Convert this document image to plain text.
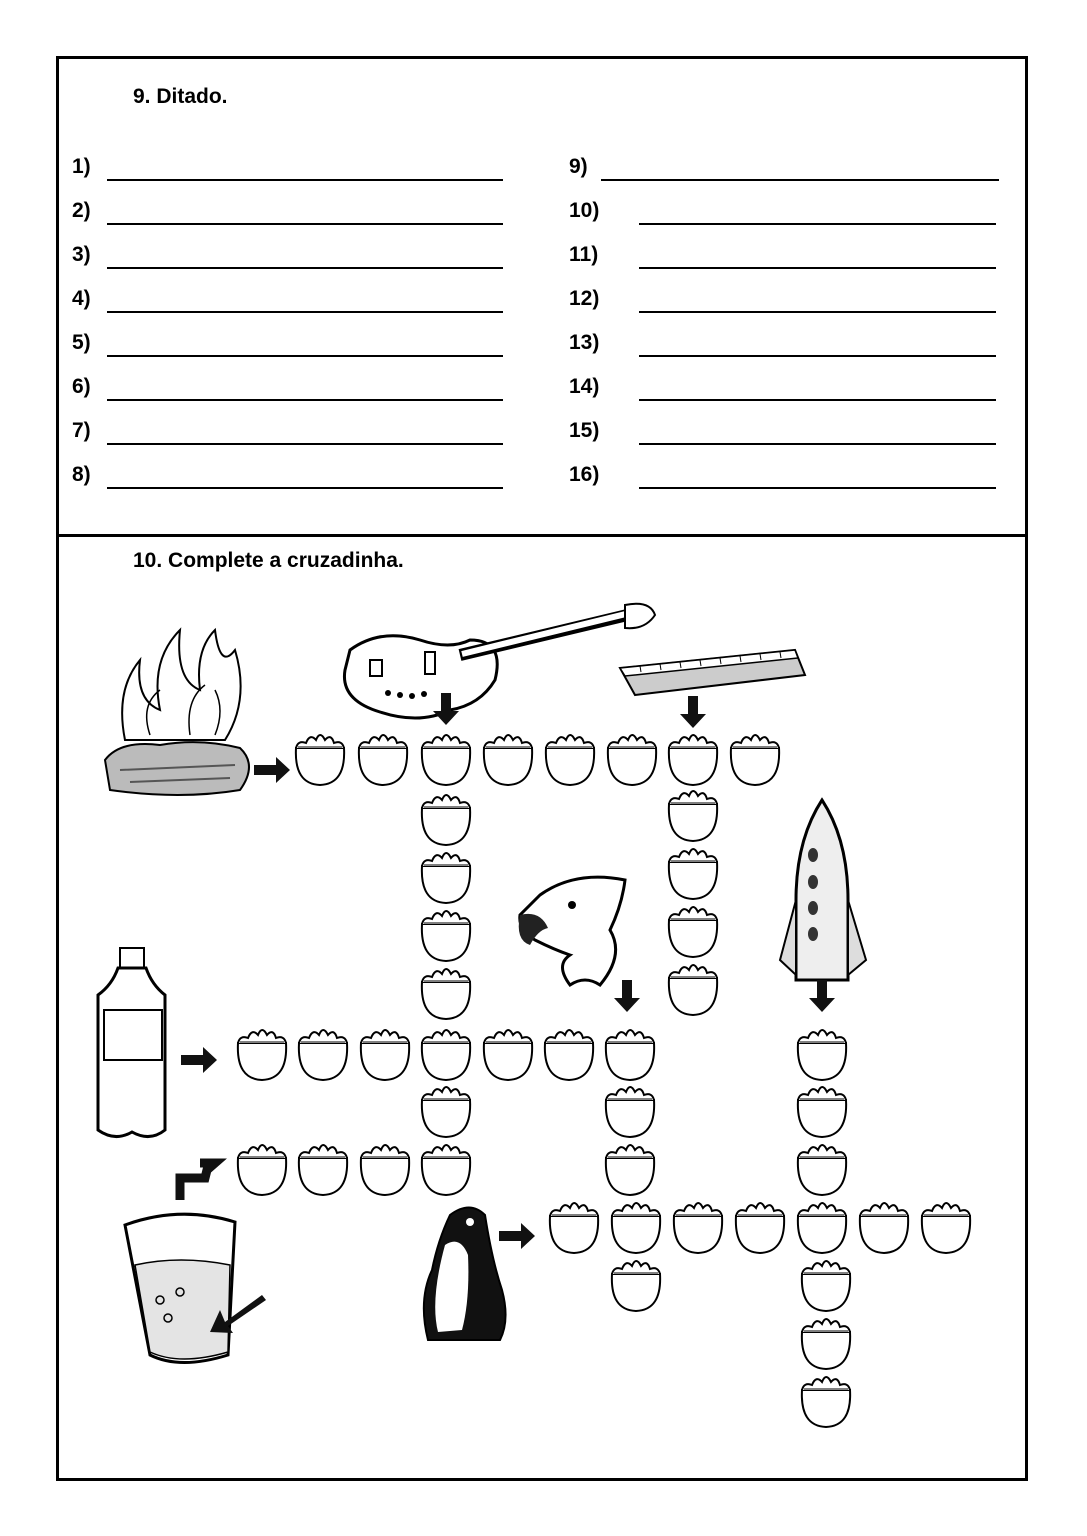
9. Ditado.
1)
2)
3)
4)
5)
6)
7)
8)
9)
10)
11)
12)
13)
14)
15)
16)
10. Complete a cruzadinha.
